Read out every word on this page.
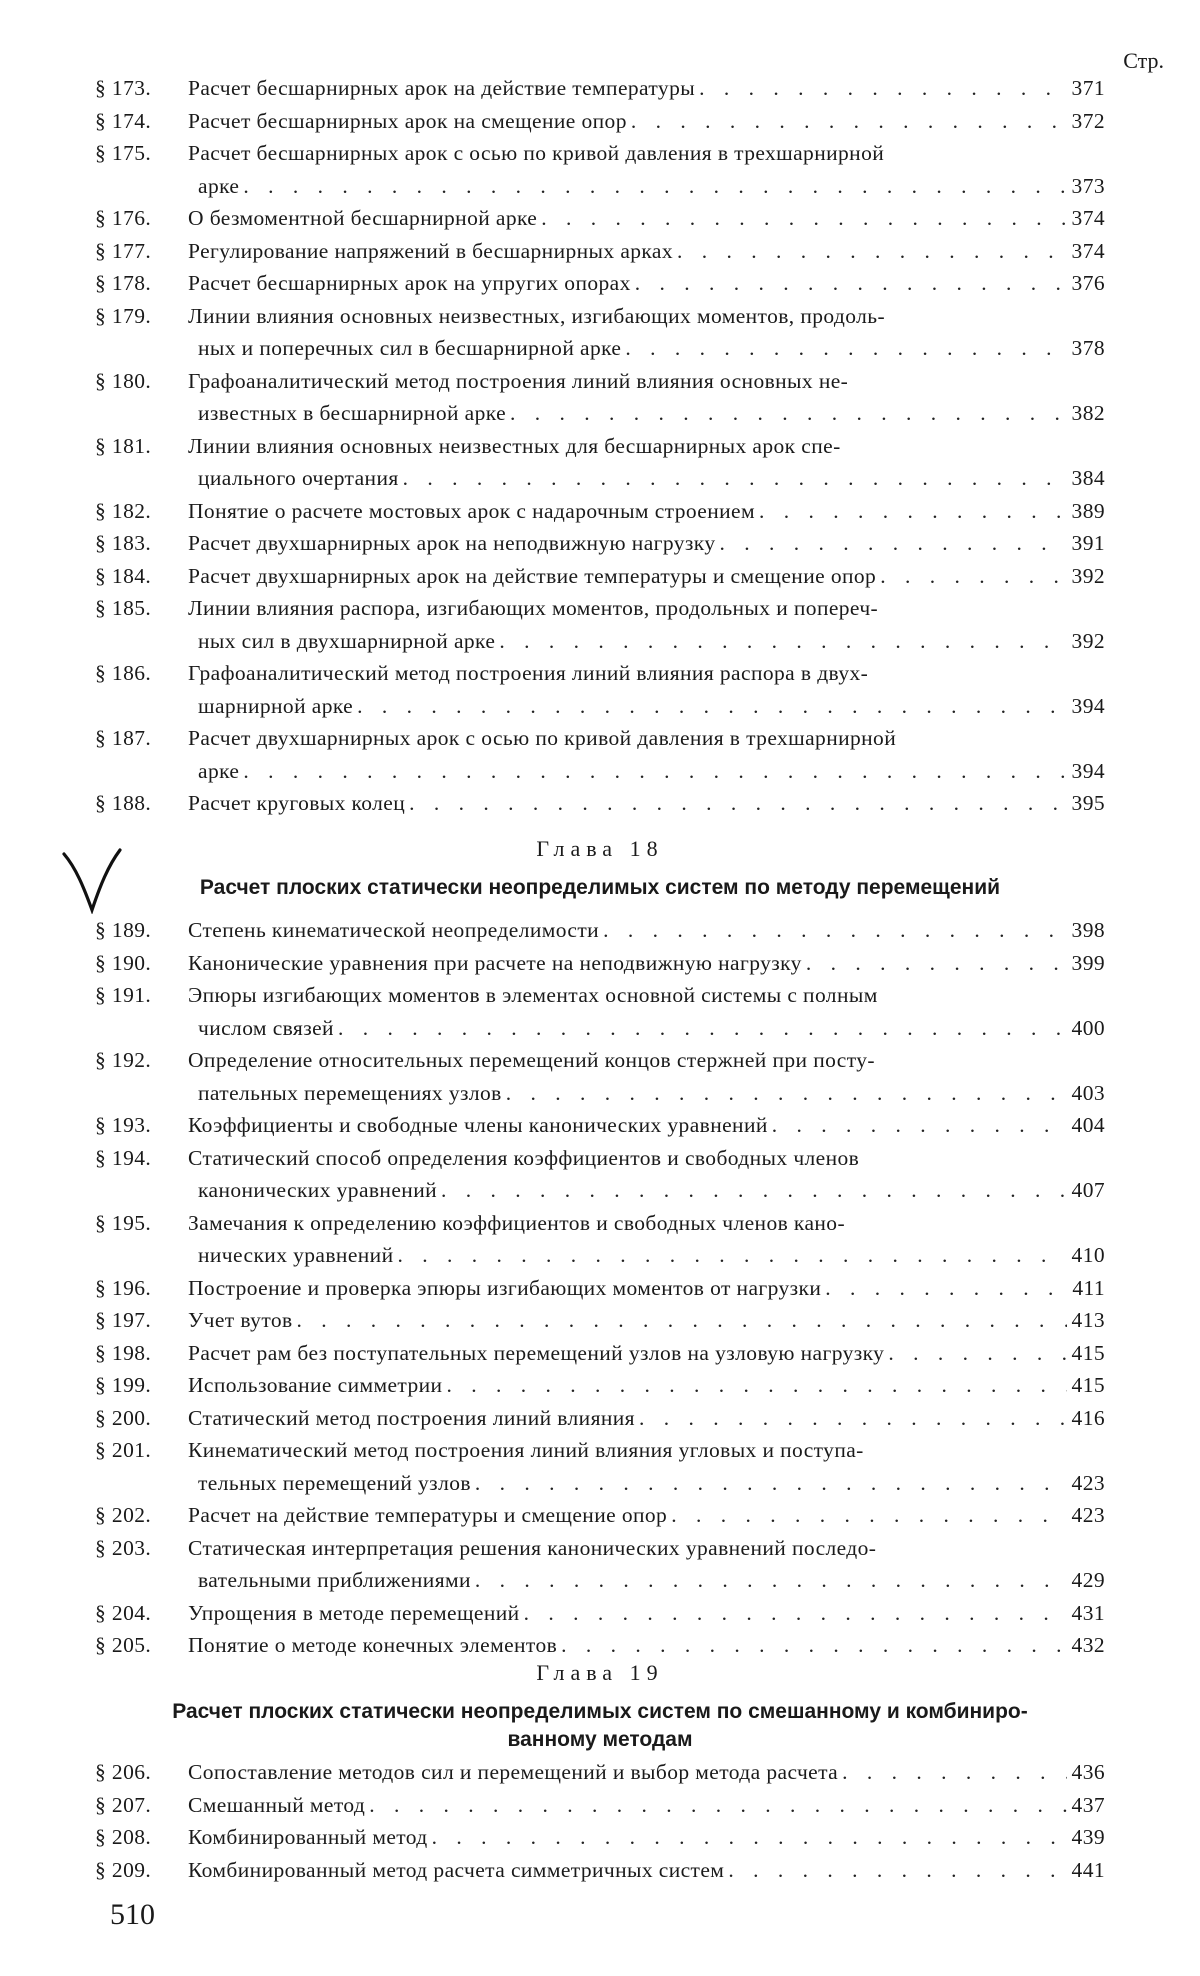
Стр.
§ 173. Расчет бесшарнирных арок на действие температуры . . .	371
§ 174. Расчет бесшарнирных арок на смещение опор . . .	372
§ 175. Расчет бесшарнирных арок с осью по кривой давления в трехшарнирной
арке . . .	373
§ 176. О безмоментной бесшарнирной арке . . .	374
§ 177. Регулирование напряжений в бесшарнирных арках . . .	374
§ 178. Расчет бесшарнирных арок на упругих опорах . . .	376
§ 179. Линии влияния основных неизвестных, изгибающих моментов, продоль-
ных и поперечных сил в бесшарнирной арке . . .	378
§ 180. Графоаналитический метод построения линий влияния основных не-
известных в бесшарнирной арке . . .	382
§ 181. Линии влияния основных неизвестных для бесшарнирных арок спе-
циального очертания . . .	384
§ 182. Понятие о расчете мостовых арок с надарочным строением . . .	389
§ 183. Расчет двухшарнирных арок на неподвижную нагрузку . . .	391
§ 184. Расчет двухшарнирных арок на действие температуры и смещение опор . . .	392
§ 185. Линии влияния распора, изгибающих моментов, продольных и попереч-
ных сил в двухшарнирной арке . . .	392
§ 186. Графоаналитический метод построения линий влияния распора в двух-
шарнирной арке . . .	394
§ 187. Расчет двухшарнирных арок с осью по кривой давления в трехшарнирной
арке . . .	394
§ 188. Расчет круговых колец . . .	395
Глава 18
Расчет плоских статически неопределимых систем по методу перемещений
§ 189. Степень кинематической неопределимости . . .	398
§ 190. Канонические уравнения при расчете на неподвижную нагрузку . . .	399
§ 191. Эпюры изгибающих моментов в элементах основной системы с полным
числом связей . . .	400
§ 192. Определение относительных перемещений концов стержней при посту-
пательных перемещениях узлов . . .	403
§ 193. Коэффициенты и свободные члены канонических уравнений . . .	404
§ 194. Статический способ определения коэффициентов и свободных членов
канонических уравнений . . .	407
§ 195. Замечания к определению коэффициентов и свободных членов кано-
нических уравнений . . .	410
§ 196. Построение и проверка эпюры изгибающих моментов от нагрузки . . .	411
§ 197. Учет вутов . . .	413
§ 198. Расчет рам без поступательных перемещений узлов на узловую нагрузку . . .	415
§ 199. Использование симметрии . . .	415
§ 200. Статический метод построения линий влияния . . .	416
§ 201. Кинематический метод построения линий влияния угловых и поступа-
тельных перемещений узлов . . .	423
§ 202. Расчет на действие температуры и смещение опор . . .	423
§ 203. Статическая интерпретация решения канонических уравнений последо-
вательными приближениями . . .	429
§ 204. Упрощения в методе перемещений . . .	431
§ 205. Понятие о методе конечных элементов . . .	432
Глава 19
Расчет плоских статически неопределимых систем по смешанному и комбиниро-
ванному методам
§ 206. Сопоставление методов сил и перемещений и выбор метода расчета . . .	436
§ 207. Смешанный метод . . .	437
§ 208. Комбинированный метод . . .	439
§ 209. Комбинированный метод расчета симметричных систем . . .	441
510
